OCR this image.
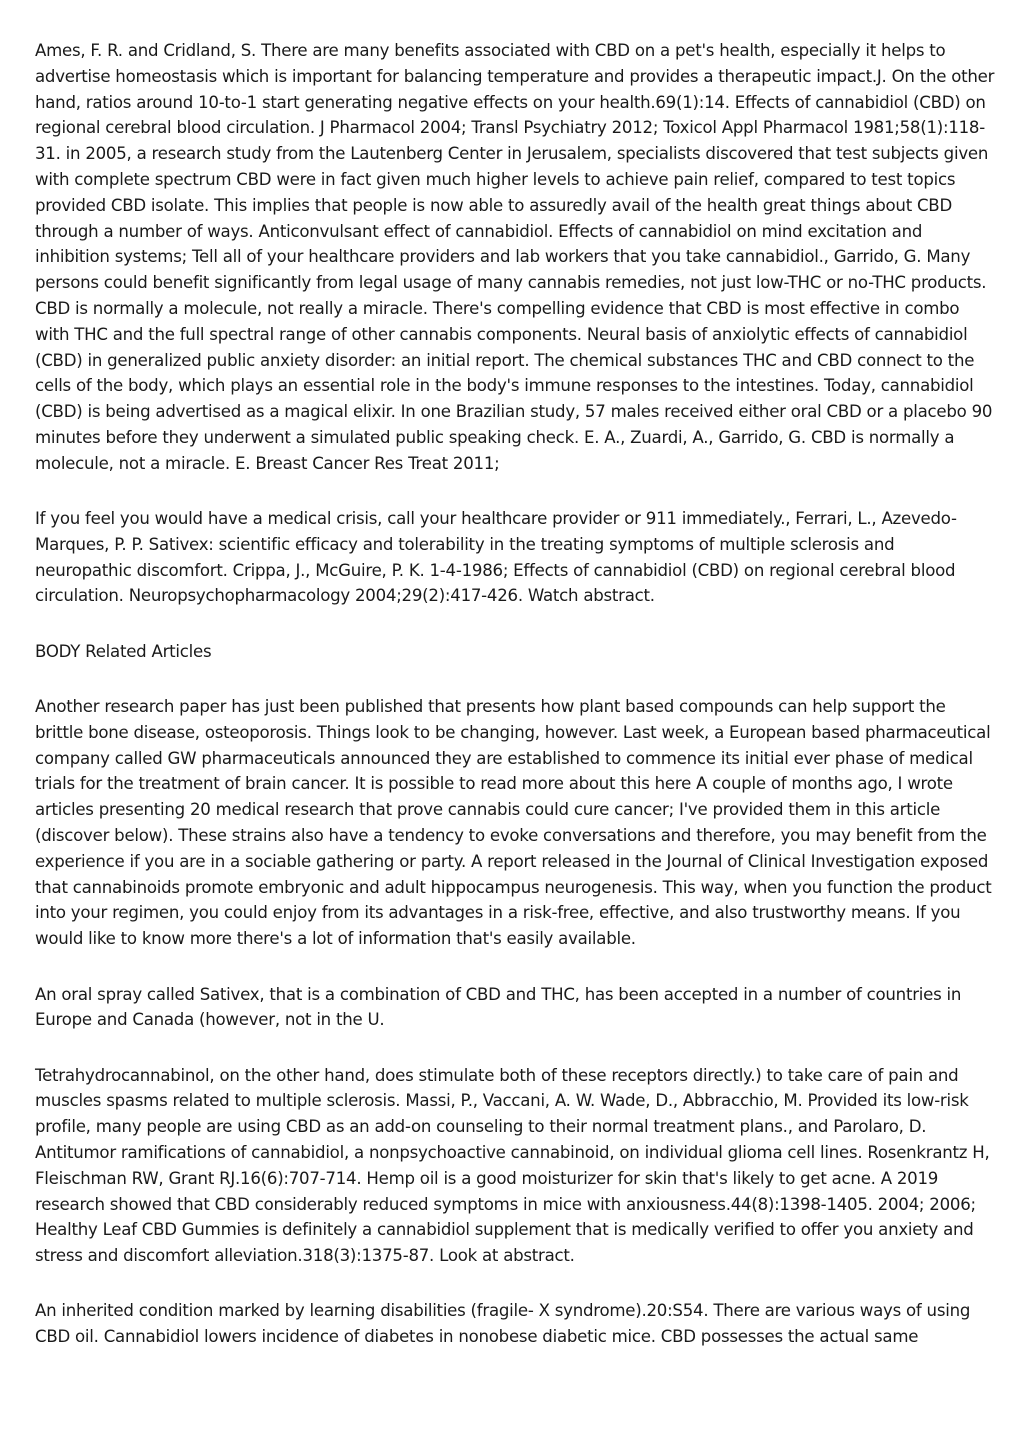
Ames, F. R. and Cridland, S. There are many benefits associated with CBD on a pet's health, especially it helps to advertise homeostasis which is important for balancing temperature and provides a therapeutic impact.J. On the other hand, ratios around 10-to-1 start generating negative effects on your health.69(1):14. Effects of cannabidiol (CBD) on regional cerebral blood circulation. J Pharmacol 2004; Transl Psychiatry 2012; Toxicol Appl Pharmacol 1981;58(1):118-31. in 2005, a research study from the Lautenberg Center in Jerusalem, specialists discovered that test subjects given with complete spectrum CBD were in fact given much higher levels to achieve pain relief, compared to test topics provided CBD isolate. This implies that people is now able to assuredly avail of the health great things about CBD through a number of ways. Anticonvulsant effect of cannabidiol. Effects of cannabidiol on mind excitation and inhibition systems; Tell all of your healthcare providers and lab workers that you take cannabidiol., Garrido, G. Many persons could benefit significantly from legal usage of many cannabis remedies, not just low-THC or no-THC products. CBD is normally a molecule, not really a miracle. There's compelling evidence that CBD is most effective in combo with THC and the full spectral range of other cannabis components. Neural basis of anxiolytic effects of cannabidiol (CBD) in generalized public anxiety disorder: an initial report. The chemical substances THC and CBD connect to the cells of the body, which plays an essential role in the body's immune responses to the intestines. Today, cannabidiol (CBD) is being advertised as a magical elixir. In one Brazilian study, 57 males received either oral CBD or a placebo 90 minutes before they underwent a simulated public speaking check. E. A., Zuardi, A., Garrido, G. CBD is normally a molecule, not a miracle. E. Breast Cancer Res Treat 2011;

If you feel you would have a medical crisis, call your healthcare provider or 911 immediately., Ferrari, L., Azevedo-Marques, P. P. Sativex: scientific efficacy and tolerability in the treating symptoms of multiple sclerosis and neuropathic discomfort. Crippa, J., McGuire, P. K. 1-4-1986; Effects of cannabidiol (CBD) on regional cerebral blood circulation. Neuropsychopharmacology 2004;29(2):417-426. Watch abstract.

BODY Related Articles

Another research paper has just been published that presents how plant based compounds can help support the brittle bone disease, osteoporosis. Things look to be changing, however. Last week, a European based pharmaceutical company called GW pharmaceuticals announced they are established to commence its initial ever phase of medical trials for the treatment of brain cancer. It is possible to read more about this here A couple of months ago, I wrote articles presenting 20 medical research that prove cannabis could cure cancer; I've provided them in this article (discover below). These strains also have a tendency to evoke conversations and therefore, you may benefit from the experience if you are in a sociable gathering or party. A report released in the Journal of Clinical Investigation exposed that cannabinoids promote embryonic and adult hippocampus neurogenesis. This way, when you function the product into your regimen, you could enjoy from its advantages in a risk-free, effective, and also trustworthy means. If you would like to know more there's a lot of information that's easily available.

An oral spray called Sativex, that is a combination of CBD and THC, has been accepted in a number of countries in Europe and Canada (however, not in the U.

Tetrahydrocannabinol, on the other hand, does stimulate both of these receptors directly.) to take care of pain and muscles spasms related to multiple sclerosis. Massi, P., Vaccani, A. W. Wade, D., Abbracchio, M. Provided its low-risk profile, many people are using CBD as an add-on counseling to their normal treatment plans., and Parolaro, D. Antitumor ramifications of cannabidiol, a nonpsychoactive cannabinoid, on individual glioma cell lines. Rosenkrantz H, Fleischman RW, Grant RJ.16(6):707-714. Hemp oil is a good moisturizer for skin that's likely to get acne. A 2019 research showed that CBD considerably reduced symptoms in mice with anxiousness.44(8):1398-1405. 2004; 2006; Healthy Leaf CBD Gummies is definitely a cannabidiol supplement that is medically verified to offer you anxiety and stress and discomfort alleviation.318(3):1375-87. Look at abstract.

An inherited condition marked by learning disabilities (fragile- X syndrome).20:S54. There are various ways of using CBD oil. Cannabidiol lowers incidence of diabetes in nonobese diabetic mice. CBD possesses the actual same
